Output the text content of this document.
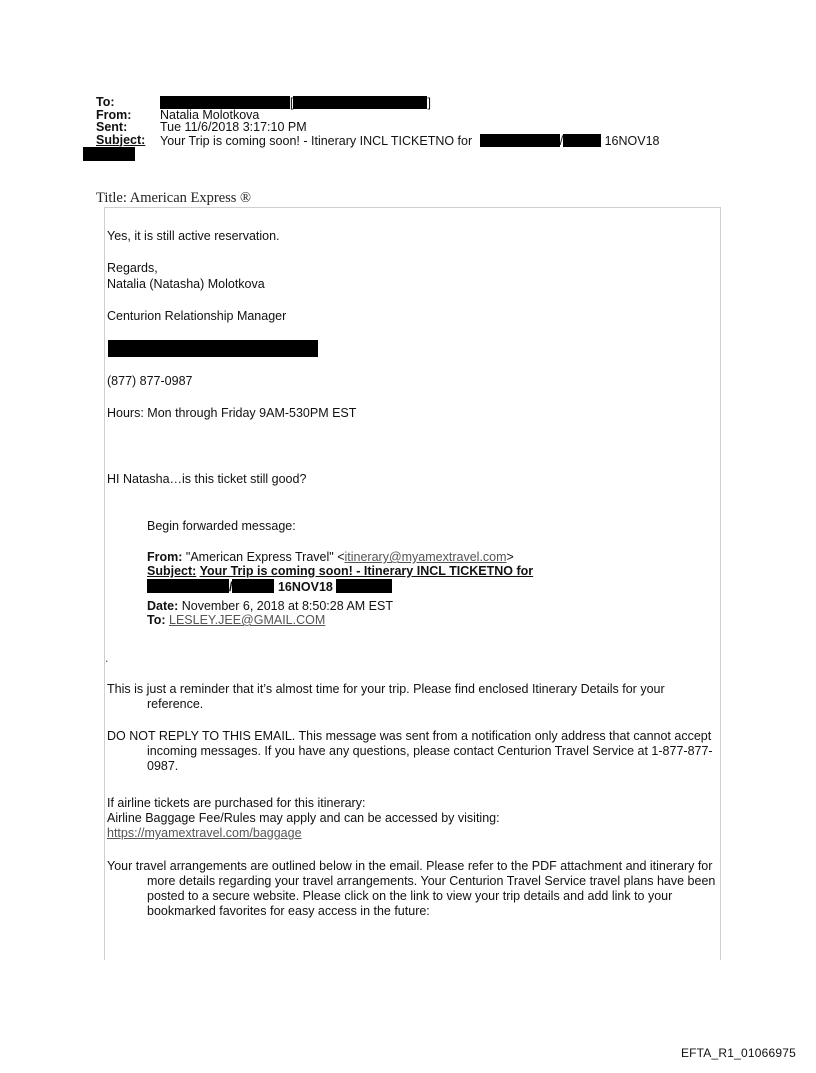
To:	[	]
From: Natalia Molotkova
Sent:	Tue 11/6/2018 3:17:10 PM
Subject: Your Trip is coming soon! - Itinerary INCL TICKETNO for	/	16NOV18
Title: American Express ®
Yes, it is still active reservation.
Regards,
Natalia (Natasha) Molotkova
Centurion Relationship Manager
(877) 877-0987
Hours: Mon through Friday 9AM-530PM EST
HI Natasha…is this ticket still good?
Begin forwarded message:
From: "American Express Travel" <itinerary@myamextravel.com>
Subject: Your Trip is coming soon! - Itinerary INCL TICKETNO for
/	16NOV18
Date: November 6, 2018 at 8:50:28 AM EST
To: LESLEY.JEE@GMAIL.COM
.
This is just a reminder that it’s almost time for your trip. Please find enclosed Itinerary Details for your reference.
DO NOT REPLY TO THIS EMAIL. This message was sent from a notification only address that cannot accept incoming messages. If you have any questions, please contact Centurion Travel Service at 1-877-877-0987.
If airline tickets are purchased for this itinerary:
Airline Baggage Fee/Rules may apply and can be accessed by visiting:
https://myamextravel.com/baggage
Your travel arrangements are outlined below in the email. Please refer to the PDF attachment and itinerary for more details regarding your travel arrangements. Your Centurion Travel Service travel plans have been posted to a secure website. Please click on the link to view your trip details and add link to your bookmarked favorites for easy access in the future:
EFTA_R1_01066975
